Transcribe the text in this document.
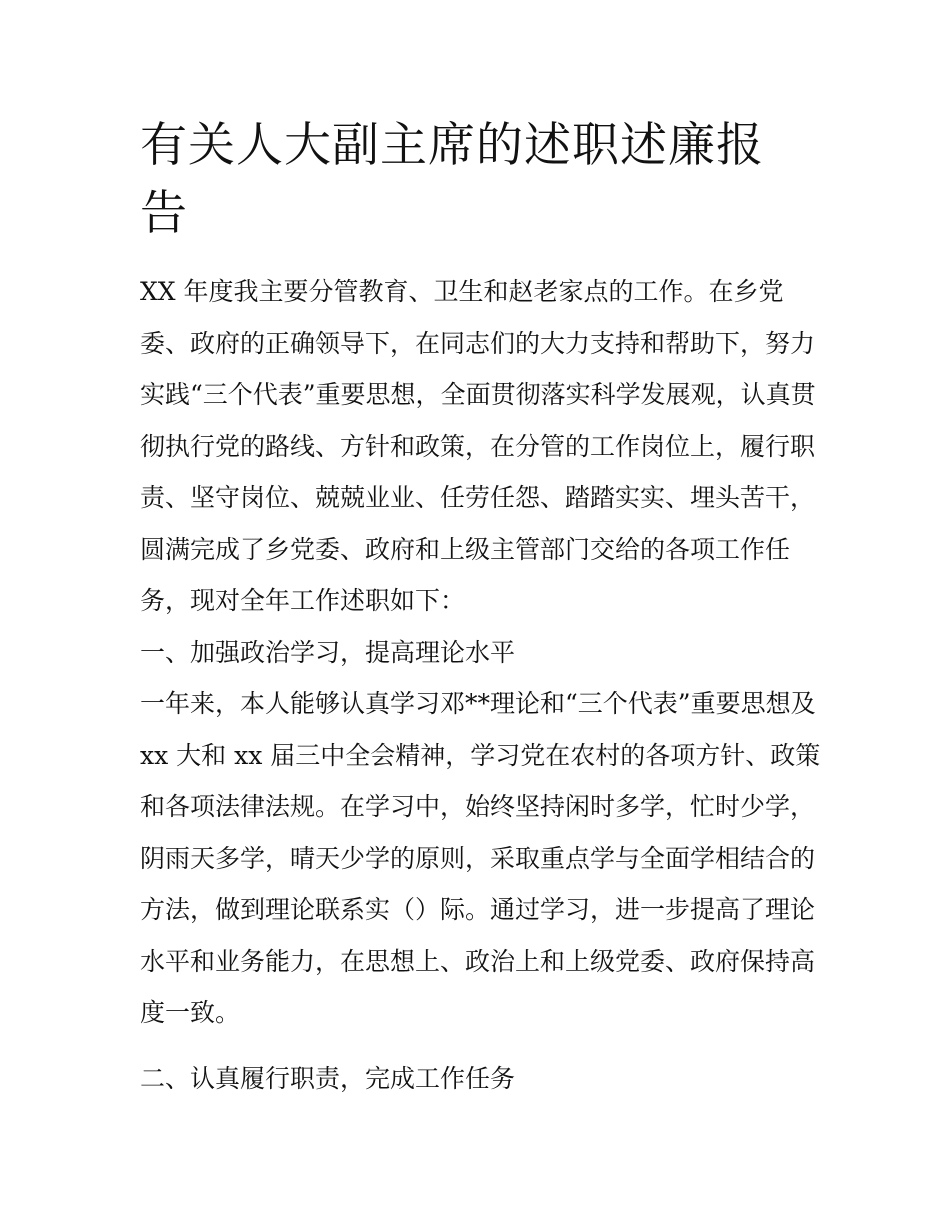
有关人大副主席的述职述廉报告

XX 年度我主要分管教育、卫生和赵老家点的工作。在乡党

委、政府的正确领导下，在同志们的大力支持和帮助下，努力

实践“三个代表”重要思想，全面贯彻落实科学发展观，认真贯

彻执行党的路线、方针和政策，在分管的工作岗位上，履行职

责、坚守岗位、兢兢业业、任劳任怨、踏踏实实、埋头苦干，

圆满完成了乡党委、政府和上级主管部门交给的各项工作任

务，现对全年工作述职如下：

一、加强政治学习，提高理论水平

一年来，本人能够认真学习邓**理论和“三个代表”重要思想及

xx 大和 xx 届三中全会精神，学习党在农村的各项方针、政策

和各项法律法规。在学习中，始终坚持闲时多学，忙时少学，

阴雨天多学，晴天少学的原则，采取重点学与全面学相结合的

方法，做到理论联系实（）际。通过学习，进一步提高了理论

水平和业务能力，在思想上、政治上和上级党委、政府保持高

度一致。

二、认真履行职责，完成工作任务
